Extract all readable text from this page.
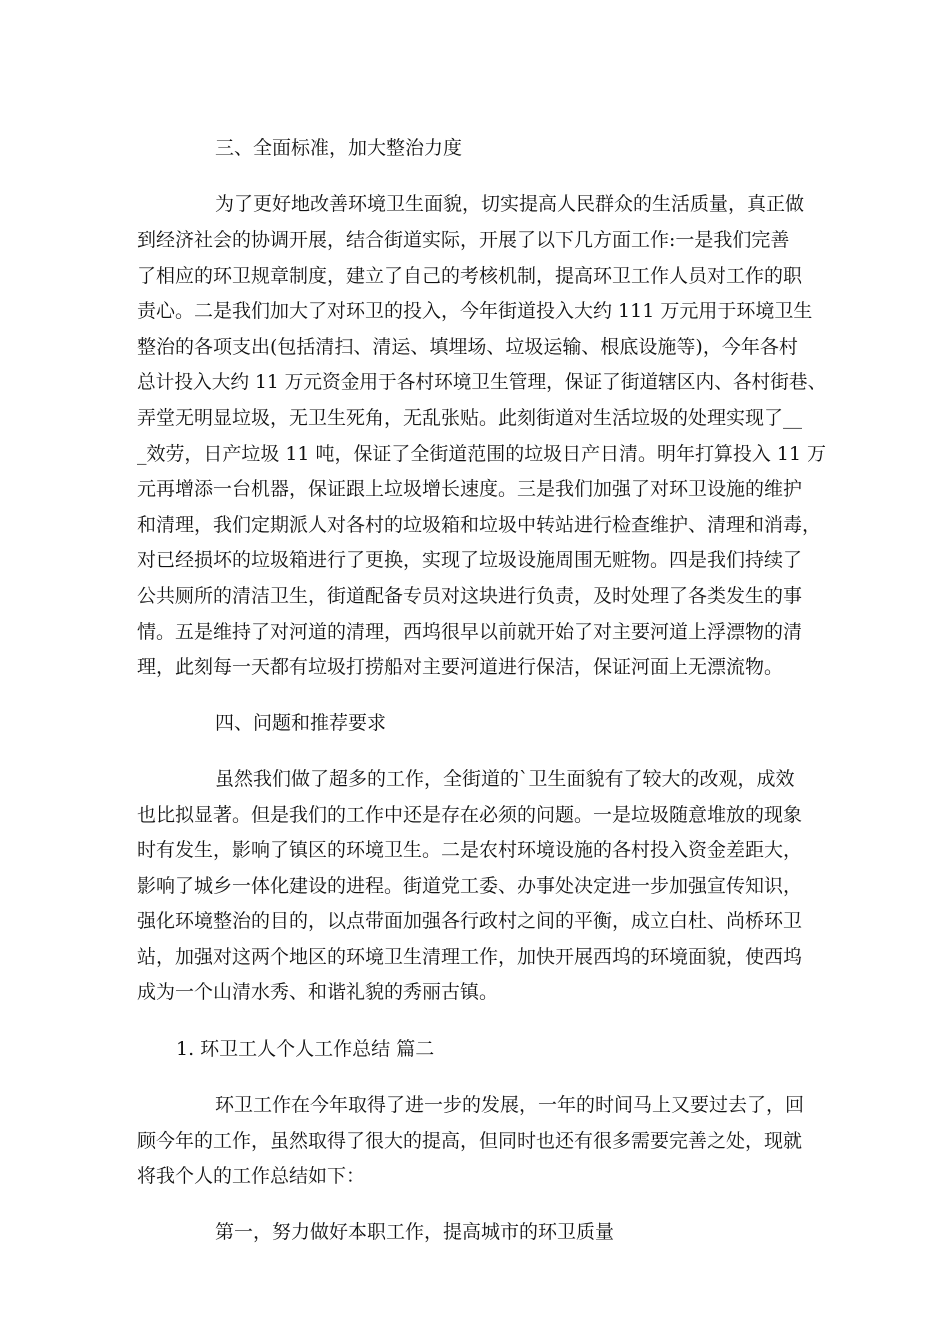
三、全面标准，加大整治力度
为了更好地改善环境卫生面貌，切实提高人民群众的生活质量，真正做
到经济社会的协调开展，结合街道实际，开展了以下几方面工作:一是我们完善
了相应的环卫规章制度，建立了自己的考核机制，提高环卫工作人员对工作的职
责心。二是我们加大了对环卫的投入，今年街道投入大约 111 万元用于环境卫生
整治的各项支出(包括清扫、清运、填埋场、垃圾运输、根底设施等)，今年各村
总计投入大约 11 万元资金用于各村环境卫生管理，保证了街道辖区内、各村街巷、
弄堂无明显垃圾，无卫生死角，无乱张贴。此刻街道对生活垃圾的处理实现了__
_效劳，日产垃圾 11 吨，保证了全街道范围的垃圾日产日清。明年打算投入 11 万
元再增添一台机器，保证跟上垃圾增长速度。三是我们加强了对环卫设施的维护
和清理，我们定期派人对各村的垃圾箱和垃圾中转站进行检查维护、清理和消毒，
对已经损坏的垃圾箱进行了更换，实现了垃圾设施周围无赃物。四是我们持续了
公共厕所的清洁卫生，街道配备专员对这块进行负责，及时处理了各类发生的事
情。五是维持了对河道的清理，西坞很早以前就开始了对主要河道上浮漂物的清
理，此刻每一天都有垃圾打捞船对主要河道进行保洁，保证河面上无漂流物。
四、问题和推荐要求
虽然我们做了超多的工作，全街道的`卫生面貌有了较大的改观，成效
也比拟显著。但是我们的工作中还是存在必须的问题。一是垃圾随意堆放的现象
时有发生，影响了镇区的环境卫生。二是农村环境设施的各村投入资金差距大，
影响了城乡一体化建设的进程。街道党工委、办事处决定进一步加强宣传知识，
强化环境整治的目的，以点带面加强各行政村之间的平衡，成立白杜、尚桥环卫
站，加强对这两个地区的环境卫生清理工作，加快开展西坞的环境面貌，使西坞
成为一个山清水秀、和谐礼貌的秀丽古镇。
1. 环卫工人个人工作总结 篇二
环卫工作在今年取得了进一步的发展，一年的时间马上又要过去了，回
顾今年的工作，虽然取得了很大的提高，但同时也还有很多需要完善之处，现就
将我个人的工作总结如下：
第一，努力做好本职工作，提高城市的环卫质量
